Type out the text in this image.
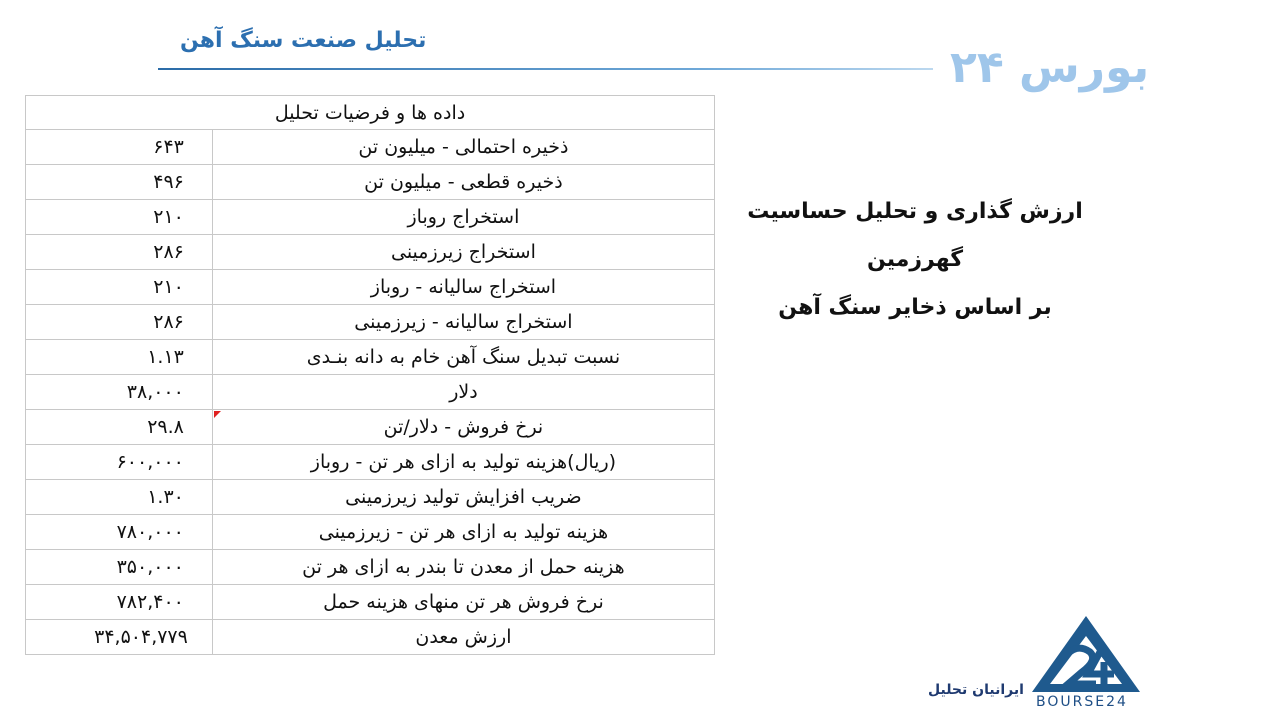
تحلیل صنعت سنگ آهن
بورس ۲۴
داده ها و فرضیات تحلیل	
ذخیره احتمالی - میلیون تن	۶۴۳

ذخیره قطعی - میلیون تن	۴۹۶

استخراج روباز	۲۱۰

استخراج زیرزمینی	۲۸۶

استخراج سالیانه - روباز	۲۱۰

استخراج سالیانه - زیرزمینی	۲۸۶

نسبت تبدیل سنگ آهن خام به دانه بنـدی	۱.۱۳

دلار	۳۸,۰۰۰

نرخ فروش - دلار/تن	۲۹.۸

(ریال)هزینه تولید به ازای هر تن - روباز	۶۰۰,۰۰۰

ضریب افزایش تولید زیرزمینی	۱.۳۰

هزینه تولید به ازای هر تن - زیرزمینی	۷۸۰,۰۰۰

هزینه حمل از معدن تا بندر به ازای هر تن	۳۵۰,۰۰۰

نرخ فروش هر تن منهای هزینه حمل	۷۸۲,۴۰۰

ارزش معدن	۳۴,۵۰۴,۷۷۹
ارزش گذاری و تحلیل حساسیت گهرزمین
بر اساس ذخایر سنگ آهن
ایرانیان تحلیل
BOURSE24
